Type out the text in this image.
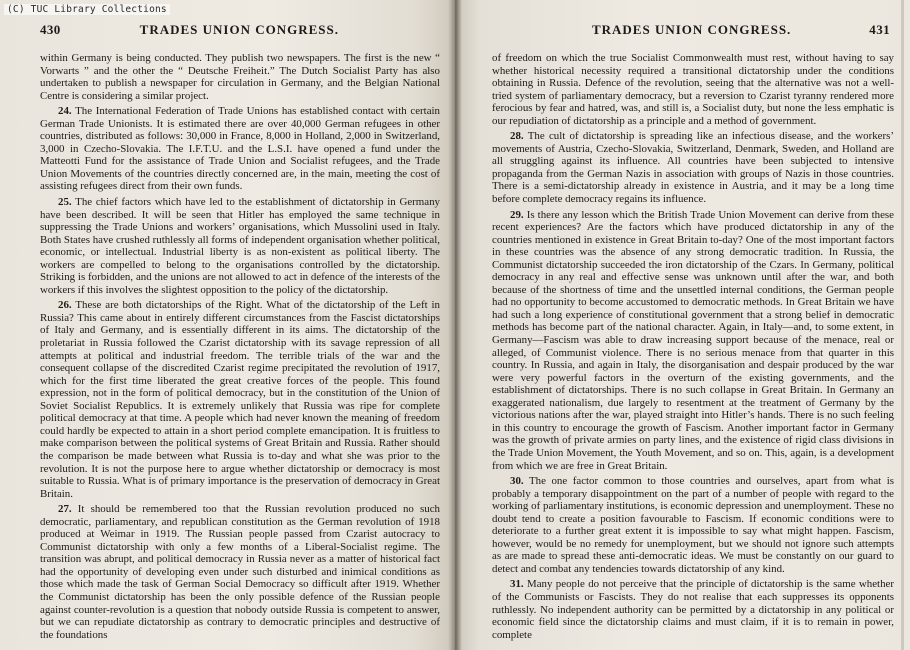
430	TRADES UNION CONGRESS.

within Germany is being conducted. They publish two newspapers. The first is the new “ Vorwarts ” and the other the “ Deutsche Freiheit.” The Dutch Socialist Party has also undertaken to publish a newspaper for circulation in Germany, and the Belgian National Centre is considering a similar project.

24. The International Federation of Trade Unions has established contact with certain German Trade Unionists. It is estimated there are over 40,000 German refugees in other countries, distributed as follows: 30,000 in France, 8,000 in Holland, 2,000 in Switzerland, 3,000 in Czecho-Slovakia. The I.F.T.U. and the L.S.I. have opened a fund under the Matteotti Fund for the assistance of Trade Union and Socialist refugees, and the Trade Union Movements of the countries directly concerned are, in the main, meeting the cost of assisting refugees direct from their own funds.

25. The chief factors which have led to the establishment of dictatorship in Germany have been described. It will be seen that Hitler has employed the same technique in suppressing the Trade Unions and workers’ organisations, which Mussolini used in Italy. Both States have crushed ruthlessly all forms of independent organisation whether political, economic, or intellectual. Industrial liberty is as non-existent as political liberty. The workers are compelled to belong to the organisations controlled by the dictatorship. Striking is forbidden, and the unions are not allowed to act in defence of the interests of the workers if this involves the slightest opposition to the policy of the dictatorship.

26. These are both dictatorships of the Right. What of the dictatorship of the Left in Russia? This came about in entirely different circumstances from the Fascist dictatorships of Italy and Germany, and is essentially different in its aims. The dictatorship of the proletariat in Russia followed the Czarist dictatorship with its savage repression of all attempts at political and industrial freedom. The terrible trials of the war and the consequent collapse of the discredited Czarist regime precipitated the revolution of 1917, which for the first time liberated the great creative forces of the people. This found expression, not in the form of political democracy, but in the constitution of the Union of Soviet Socialist Republics. It is extremely unlikely that Russia was ripe for complete political democracy at that time. A people which had never known the meaning of freedom could hardly be expected to attain in a short period complete emancipation. It is fruitless to make comparison between the political systems of Great Britain and Russia. Rather should the comparison be made between what Russia is to-day and what she was prior to the revolution. It is not the purpose here to argue whether dictatorship or democracy is most suitable to Russia. What is of primary importance is the preservation of democracy in Great Britain.

27. It should be remembered too that the Russian revolution produced no such democratic, parliamentary, and republican constitution as the German revolution of 1918 produced at Weimar in 1919. The Russian people passed from Czarist autocracy to Communist dictatorship with only a few months of a Liberal-Socialist regime. The transition was abrupt, and political democracy in Russia never as a matter of historical fact had the opportunity of developing even under such disturbed and inimical conditions as those which made the task of German Social Democracy so difficult after 1919. Whether the Communist dictatorship has been the only possible defence of the Russian people against counter-revolution is a question that nobody outside Russia is competent to answer, but we can repudiate dictatorship as contrary to democratic principles and destructive of the foundations

TRADES UNION CONGRESS.	431

of freedom on which the true Socialist Commonwealth must rest, without having to say whether historical necessity required a transitional dictatorship under the conditions obtaining in Russia. Defence of the revolution, seeing that the alternative was not a well-tried system of parliamentary democracy, but a reversion to Czarist tyranny rendered more ferocious by fear and hatred, was, and still is, a Socialist duty, but none the less emphatic is our repudiation of dictatorship as a principle and a method of government.

28. The cult of dictatorship is spreading like an infectious disease, and the workers’ movements of Austria, Czecho-Slovakia, Switzerland, Denmark, Sweden, and Holland are all struggling against its influence. All countries have been subjected to intensive propaganda from the German Nazis in association with groups of Nazis in those countries. There is a semi-dictatorship already in existence in Austria, and it may be a long time before complete democracy regains its influence.

29. Is there any lesson which the British Trade Union Movement can derive from these recent experiences? Are the factors which have produced dictatorship in any of the countries mentioned in existence in Great Britain to-day? One of the most important factors in these countries was the absence of any strong democratic tradition. In Russia, the Communist dictatorship succeeded the iron dictatorship of the Czars. In Germany, political democracy in any real and effective sense was unknown until after the war, and both because of the shortness of time and the unsettled internal conditions, the German people had no opportunity to become accustomed to democratic methods. In Great Britain we have had such a long experience of constitutional government that a strong belief in democratic methods has become part of the national character. Again, in Italy—and, to some extent, in Germany—Fascism was able to draw increasing support because of the menace, real or alleged, of Communist violence. There is no serious menace from that quarter in this country. In Russia, and again in Italy, the disorganisation and despair produced by the war were very powerful factors in the overturn of the existing governments, and the establishment of dictatorships. There is no such collapse in Great Britain. In Germany an exaggerated nationalism, due largely to resentment at the treatment of Germany by the victorious nations after the war, played straight into Hitler’s hands. There is no such feeling in this country to encourage the growth of Fascism. Another important factor in Germany was the growth of private armies on party lines, and the existence of rigid class divisions in the Trade Union Movement, the Youth Movement, and so on. This, again, is a development from which we are free in Great Britain.

30. The one factor common to those countries and ourselves, apart from what is probably a temporary disappointment on the part of a number of people with regard to the working of parliamentary institutions, is economic depression and unemployment. These no doubt tend to create a position favourable to Fascism. If economic conditions were to deteriorate to a further great extent it is impossible to say what might happen. Fascism, however, would be no remedy for unemployment, but we should not ignore such attempts as are made to spread these anti-democratic ideas. We must be constantly on our guard to detect and combat any tendencies towards dictatorship of any kind.

31. Many people do not perceive that the principle of dictatorship is the same whether of the Communists or Fascists. They do not realise that each suppresses its opponents ruthlessly. No independent authority can be permitted by a dictatorship in any political or economic field since the dictatorship claims and must claim, if it is to remain in power, complete

(C) TUC Library Collections
